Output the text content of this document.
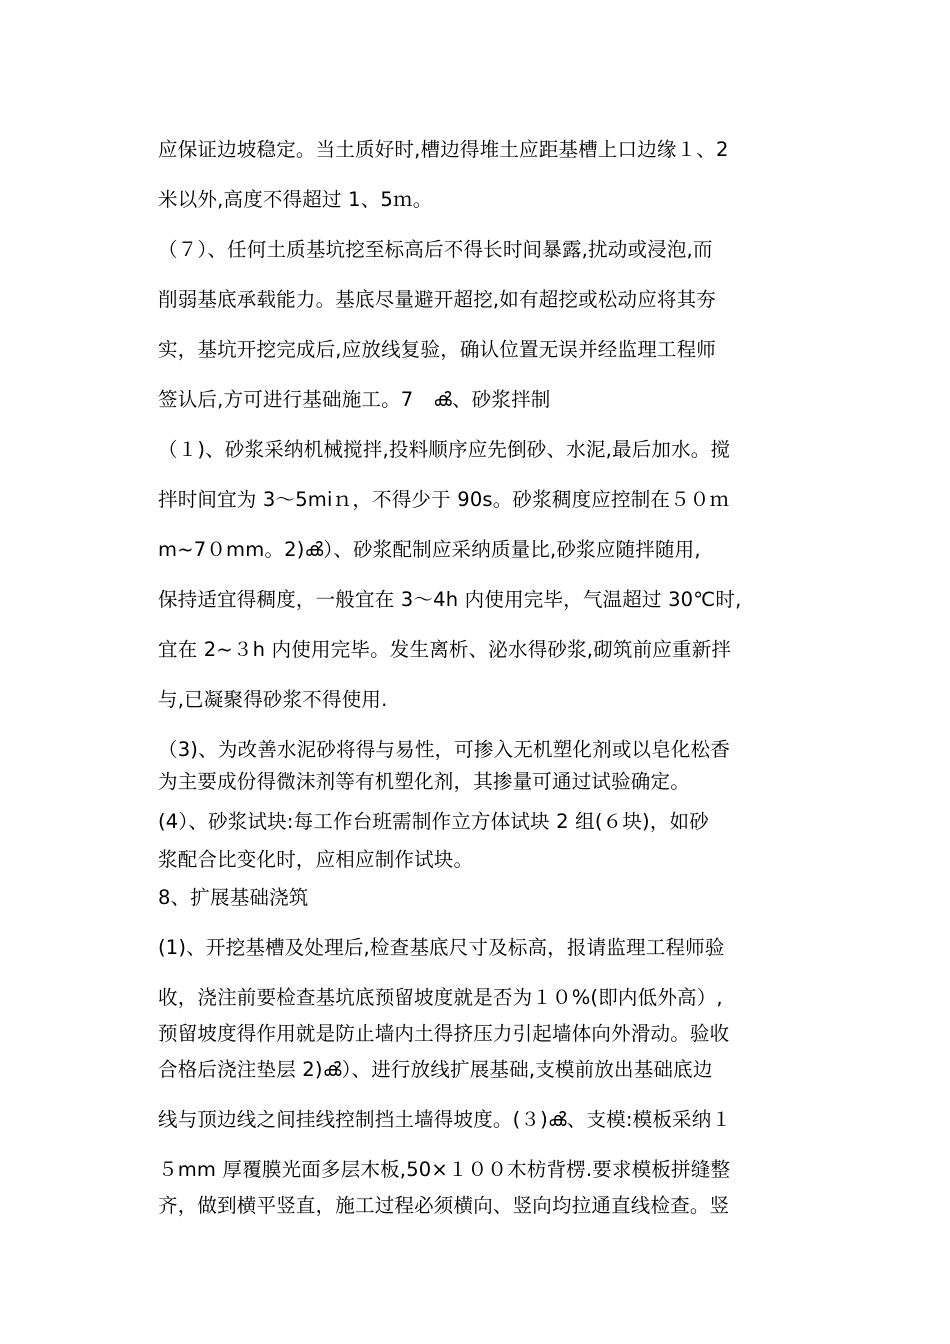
应保证边坡稳定。当土质好时,槽边得堆土应距基槽上口边缘１、2
米以外,高度不得超过 1、5ｍ。
（７）、任何土质基坑挖至标高后不得长时间暴露,扰动或浸泡,而
削弱基底承载能力。基底尽量避开超挖,如有超挖或松动应将其夯
实，基坑开挖完成后,应放线复验，确认位置无误并经监理工程师
签认后,方可进行基础施工。7　ൿ、砂浆拌制
（１)、砂浆采纳机械搅拌,投料顺序应先倒砂、水泥,最后加水。搅
拌时间宜为 3～5miｎ，不得少于 90s。砂浆稠度应控制在５０ｍ
m~7０mm。2)ൿ）、砂浆配制应采纳质量比,砂浆应随拌随用,
保持适宜得稠度，一般宜在 3～4h 内使用完毕，气温超过 30℃时,
宜在 2~３h 内使用完毕。发生离析、泌水得砂浆,砌筑前应重新拌
与,已凝聚得砂浆不得使用.
（3)、为改善水泥砂将得与易性，可掺入无机塑化剂或以皂化松香
为主要成份得微沫剂等有机塑化剂，其掺量可通过试验确定。
(4）、砂浆试块:每工作台班需制作立方体试块 2 组(６块)，如砂
浆配合比变化时，应相应制作试块。
8、扩展基础浇筑
(1)、开挖基槽及处理后,检查基底尺寸及标高，报请监理工程师验
收，浇注前要检查基坑底预留坡度就是否为１０%(即内低外高）,
预留坡度得作用就是防止墙内土得挤压力引起墙体向外滑动。验收
合格后浇注垫层 2)ൿ）、进行放线扩展基础,支模前放出基础底边
线与顶边线之间挂线控制挡土墙得坡度。(３)ൿ、支模:模板采纳１
５mm 厚覆膜光面多层木板,50×１００木枋背楞.要求模板拼缝整
齐，做到横平竖直，施工过程必须横向、竖向均拉通直线检查。竖
